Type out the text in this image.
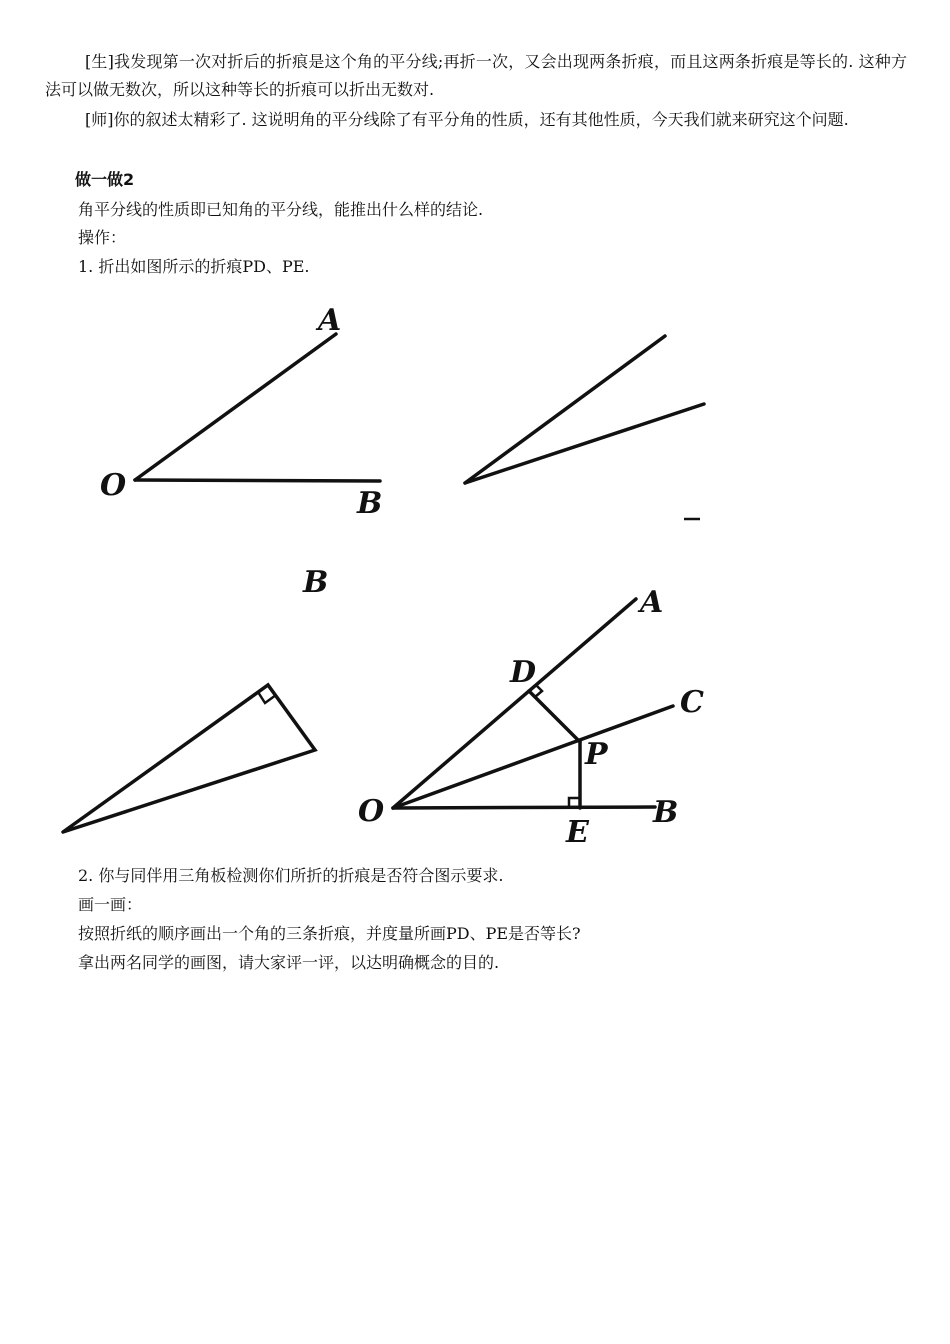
[生]我发现第一次对折后的折痕是这个角的平分线;再折一次，又会出现两条折痕，而且这两条折痕是等长的. 这种方法可以做无数次，所以这种等长的折痕可以折出无数对.

[师]你的叙述太精彩了. 这说明角的平分线除了有平分角的性质，还有其他性质，今天我们就来研究这个问题.

做一做2

角平分线的性质即已知角的平分线，能推出什么样的结论.

操作：

1. 折出如图所示的折痕PD、PE.

A
O
B
B
A
D
C
P
O	B
E

2. 你与同伴用三角板检测你们所折的折痕是否符合图示要求.

画一画：

按照折纸的顺序画出一个角的三条折痕，并度量所画PD、PE是否等长?

拿出两名同学的画图，请大家评一评，以达明确概念的目的.
